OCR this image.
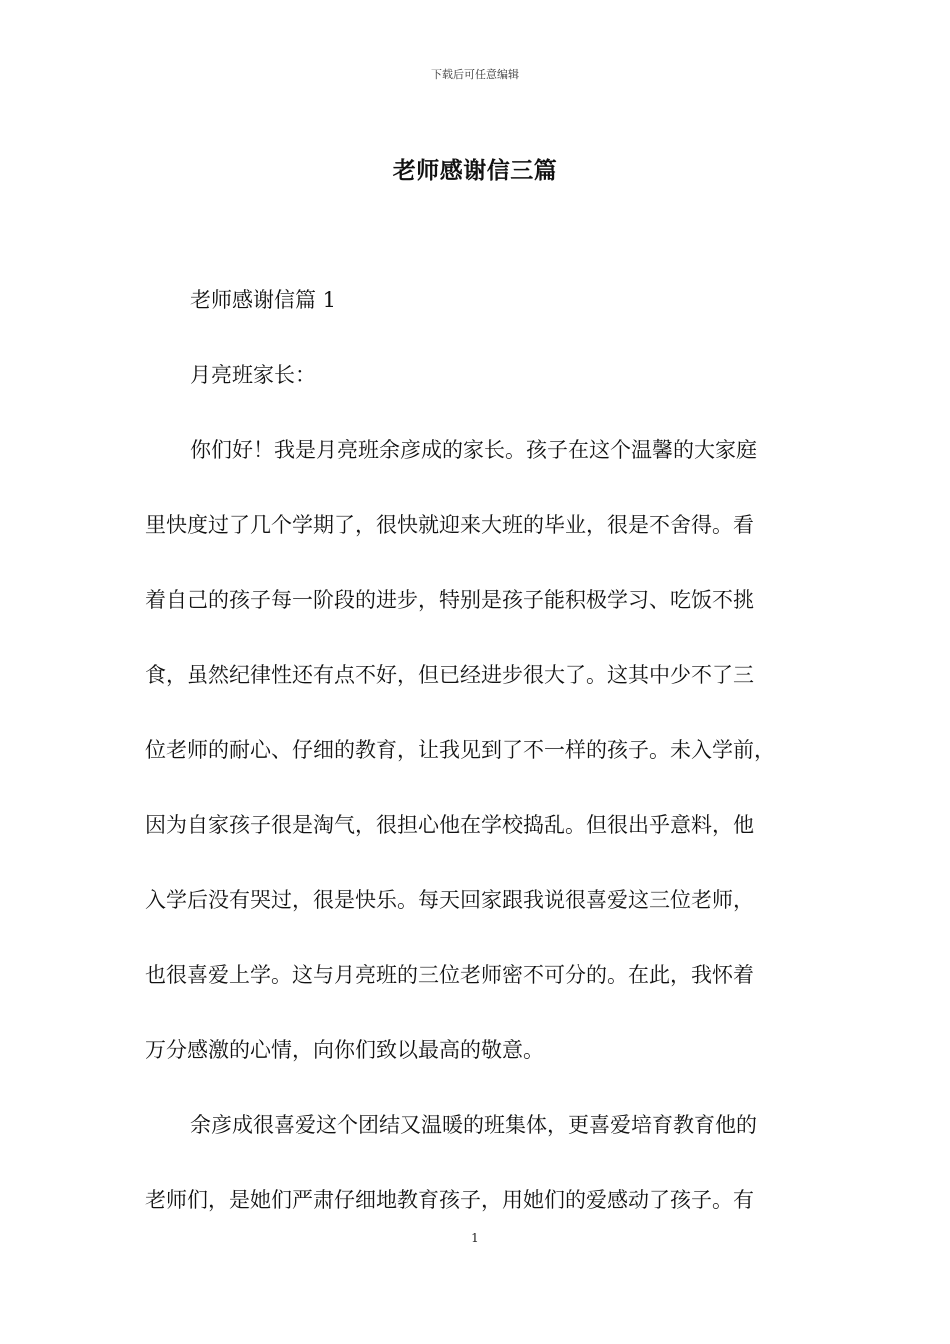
下载后可任意编辑
老师感谢信三篇
老师感谢信篇 1
月亮班家长：
你们好！我是月亮班余彦成的家长。孩子在这个温馨的大家庭
里快度过了几个学期了，很快就迎来大班的毕业，很是不舍得。看
着自己的孩子每一阶段的进步，特别是孩子能积极学习、吃饭不挑
食，虽然纪律性还有点不好，但已经进步很大了。这其中少不了三
位老师的耐心、仔细的教育，让我见到了不一样的孩子。未入学前，
因为自家孩子很是淘气，很担心他在学校捣乱。但很出乎意料，他
入学后没有哭过，很是快乐。每天回家跟我说很喜爱这三位老师，
也很喜爱上学。这与月亮班的三位老师密不可分的。在此，我怀着
万分感激的心情，向你们致以最高的敬意。
余彦成很喜爱这个团结又温暖的班集体，更喜爱培育教育他的
老师们，是她们严肃仔细地教育孩子，用她们的爱感动了孩子。有
1
